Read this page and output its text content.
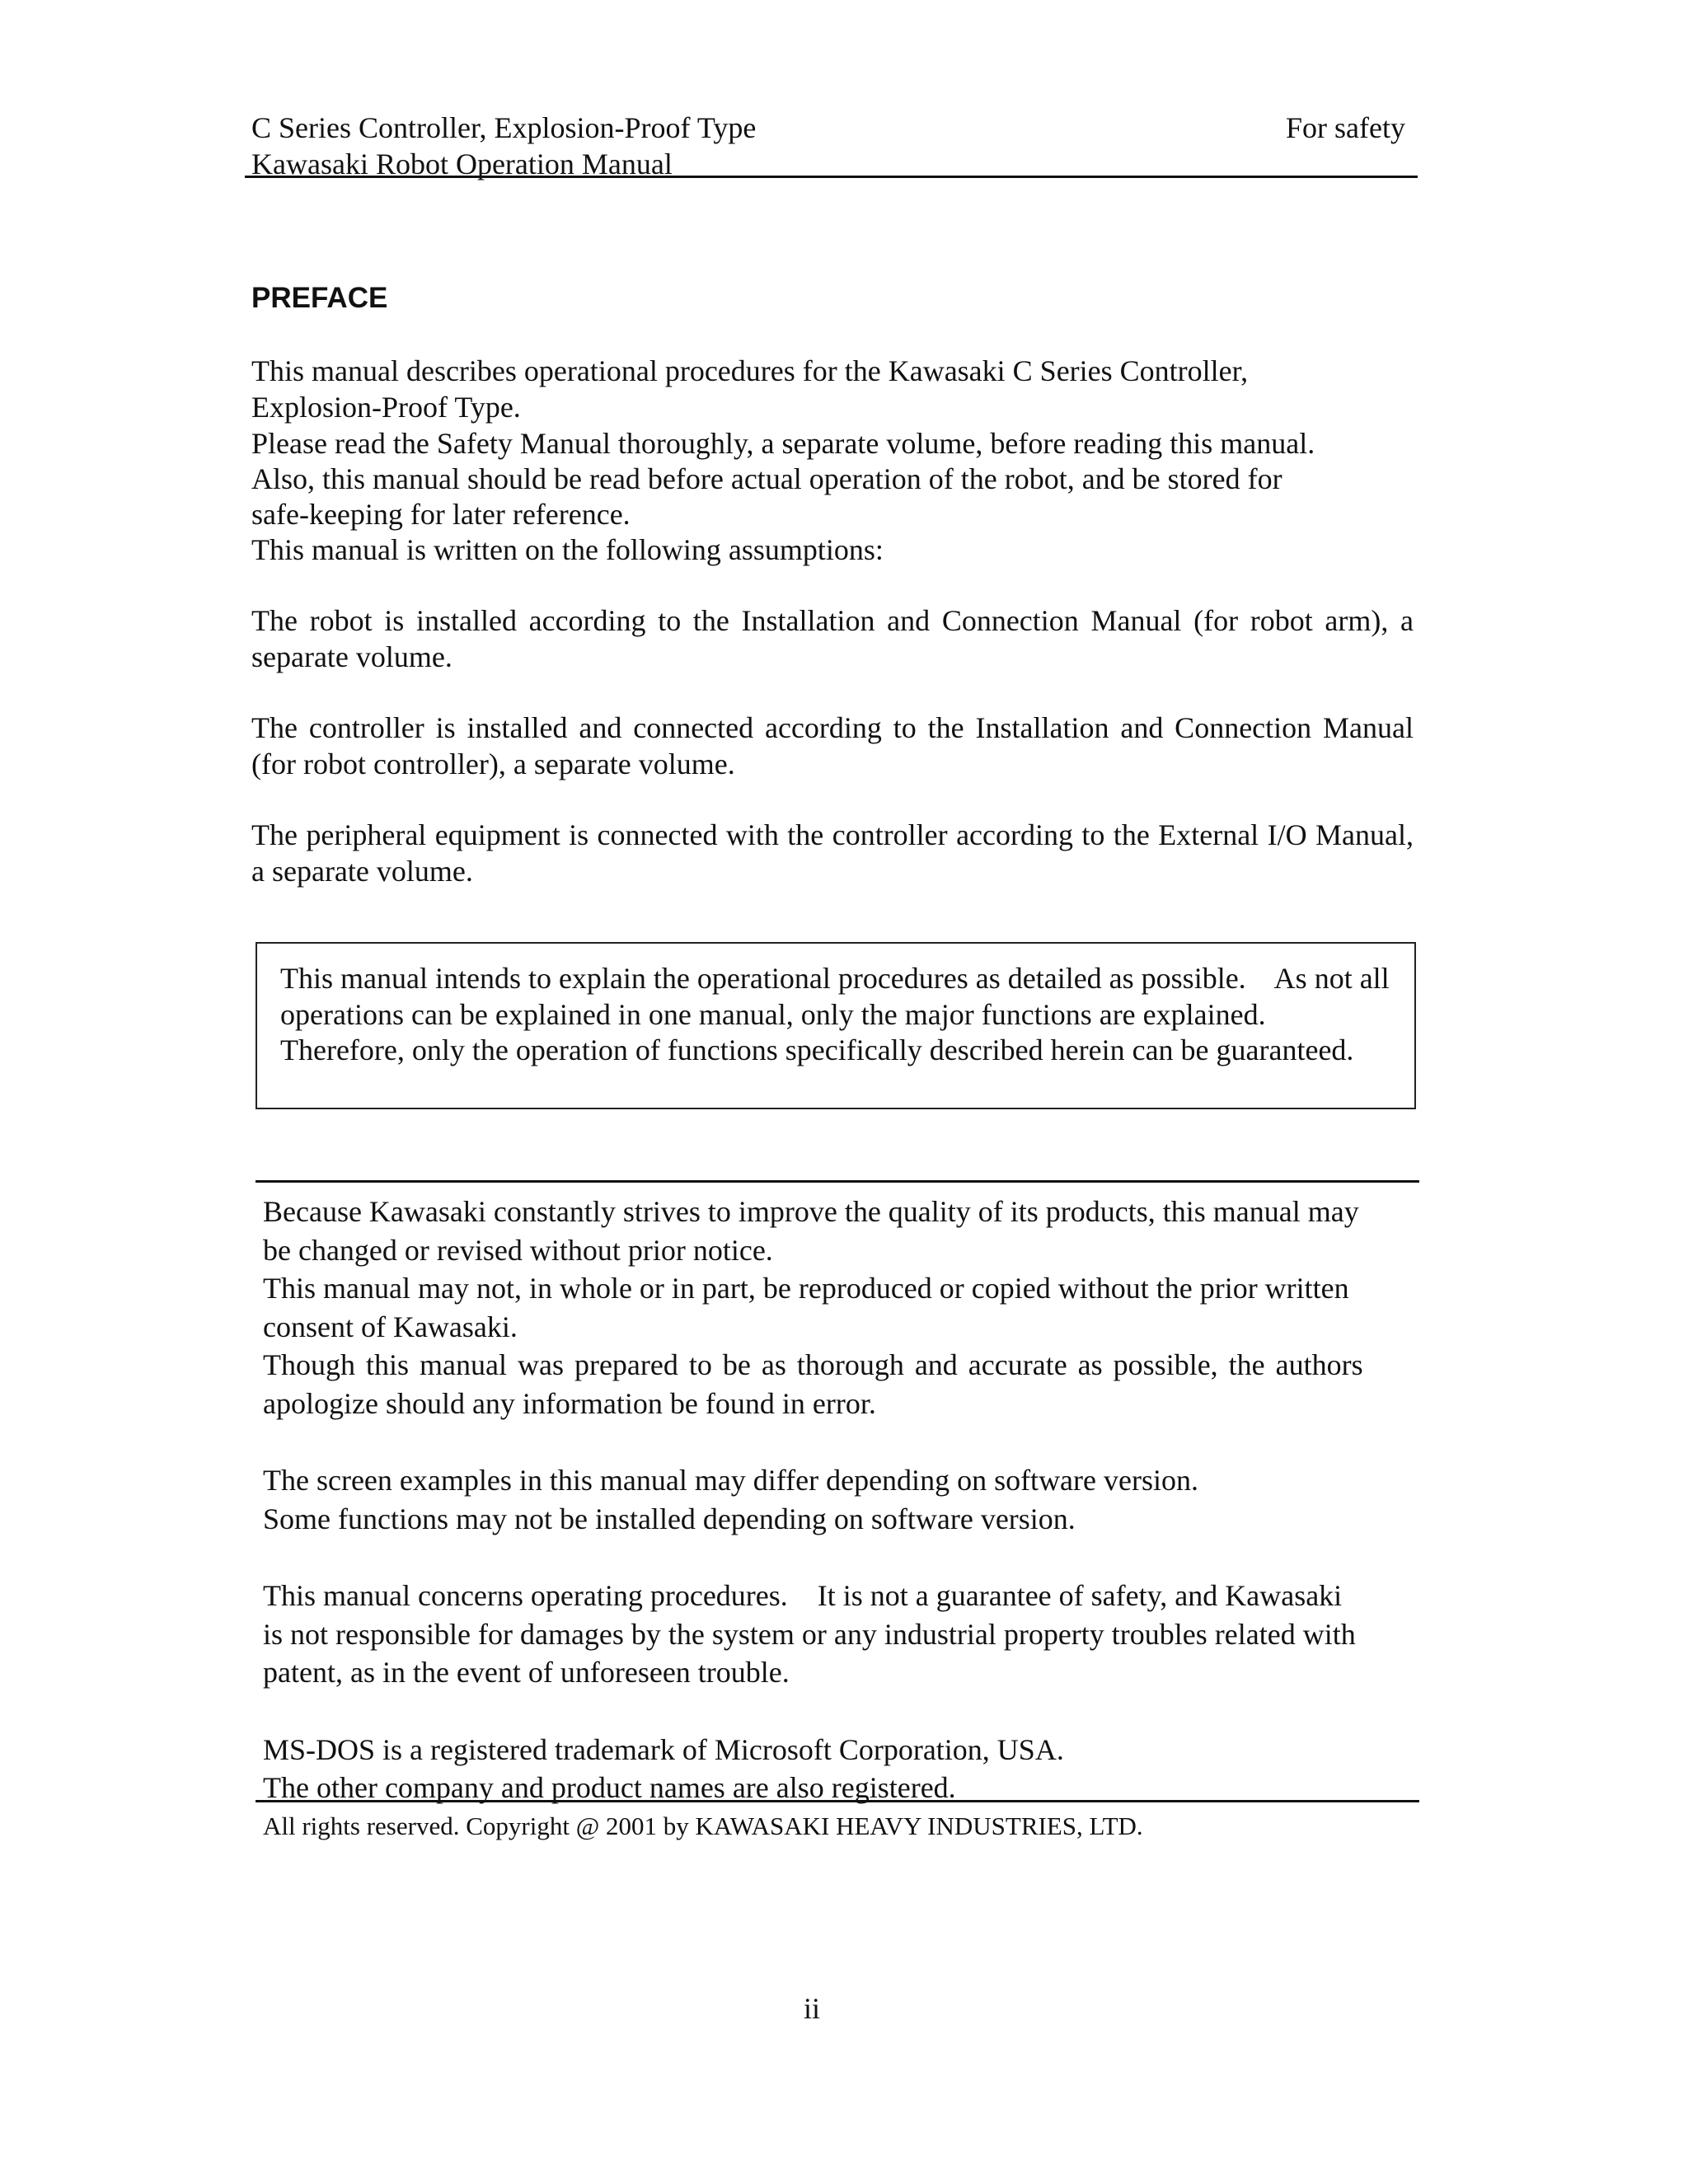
C Series Controller, Explosion-Proof Type
Kawasaki Robot Operation Manual
For safety
PREFACE
This manual describes operational procedures for the Kawasaki C Series Controller,
Explosion-Proof Type.
Please read the Safety Manual thoroughly, a separate volume, before reading this manual.
Also, this manual should be read before actual operation of the robot, and be stored for
safe-keeping for later reference.
This manual is written on the following assumptions:
The robot is installed according to the Installation and Connection Manual (for robot arm), a separate volume.
The controller is installed and connected according to the Installation and Connection Manual (for robot controller), a separate volume.
The peripheral equipment is connected with the controller according to the External I/O Manual, a separate volume.
This manual intends to explain the operational procedures as detailed as possible.    As not all
operations can be explained in one manual, only the major functions are explained.
Therefore, only the operation of functions specifically described herein can be guaranteed.
Because Kawasaki constantly strives to improve the quality of its products, this manual may
be changed or revised without prior notice.
This manual may not, in whole or in part, be reproduced or copied without the prior written
consent of Kawasaki.
Though this manual was prepared to be as thorough and accurate as possible, the authors
apologize should any information be found in error.
The screen examples in this manual may differ depending on software version.
Some functions may not be installed depending on software version.
This manual concerns operating procedures.    It is not a guarantee of safety, and Kawasaki
is not responsible for damages by the system or any industrial property troubles related with
patent, as in the event of unforeseen trouble.
MS-DOS is a registered trademark of Microsoft Corporation, USA.
The other company and product names are also registered.
All rights reserved. Copyright @ 2001 by KAWASAKI HEAVY INDUSTRIES, LTD.
ii
